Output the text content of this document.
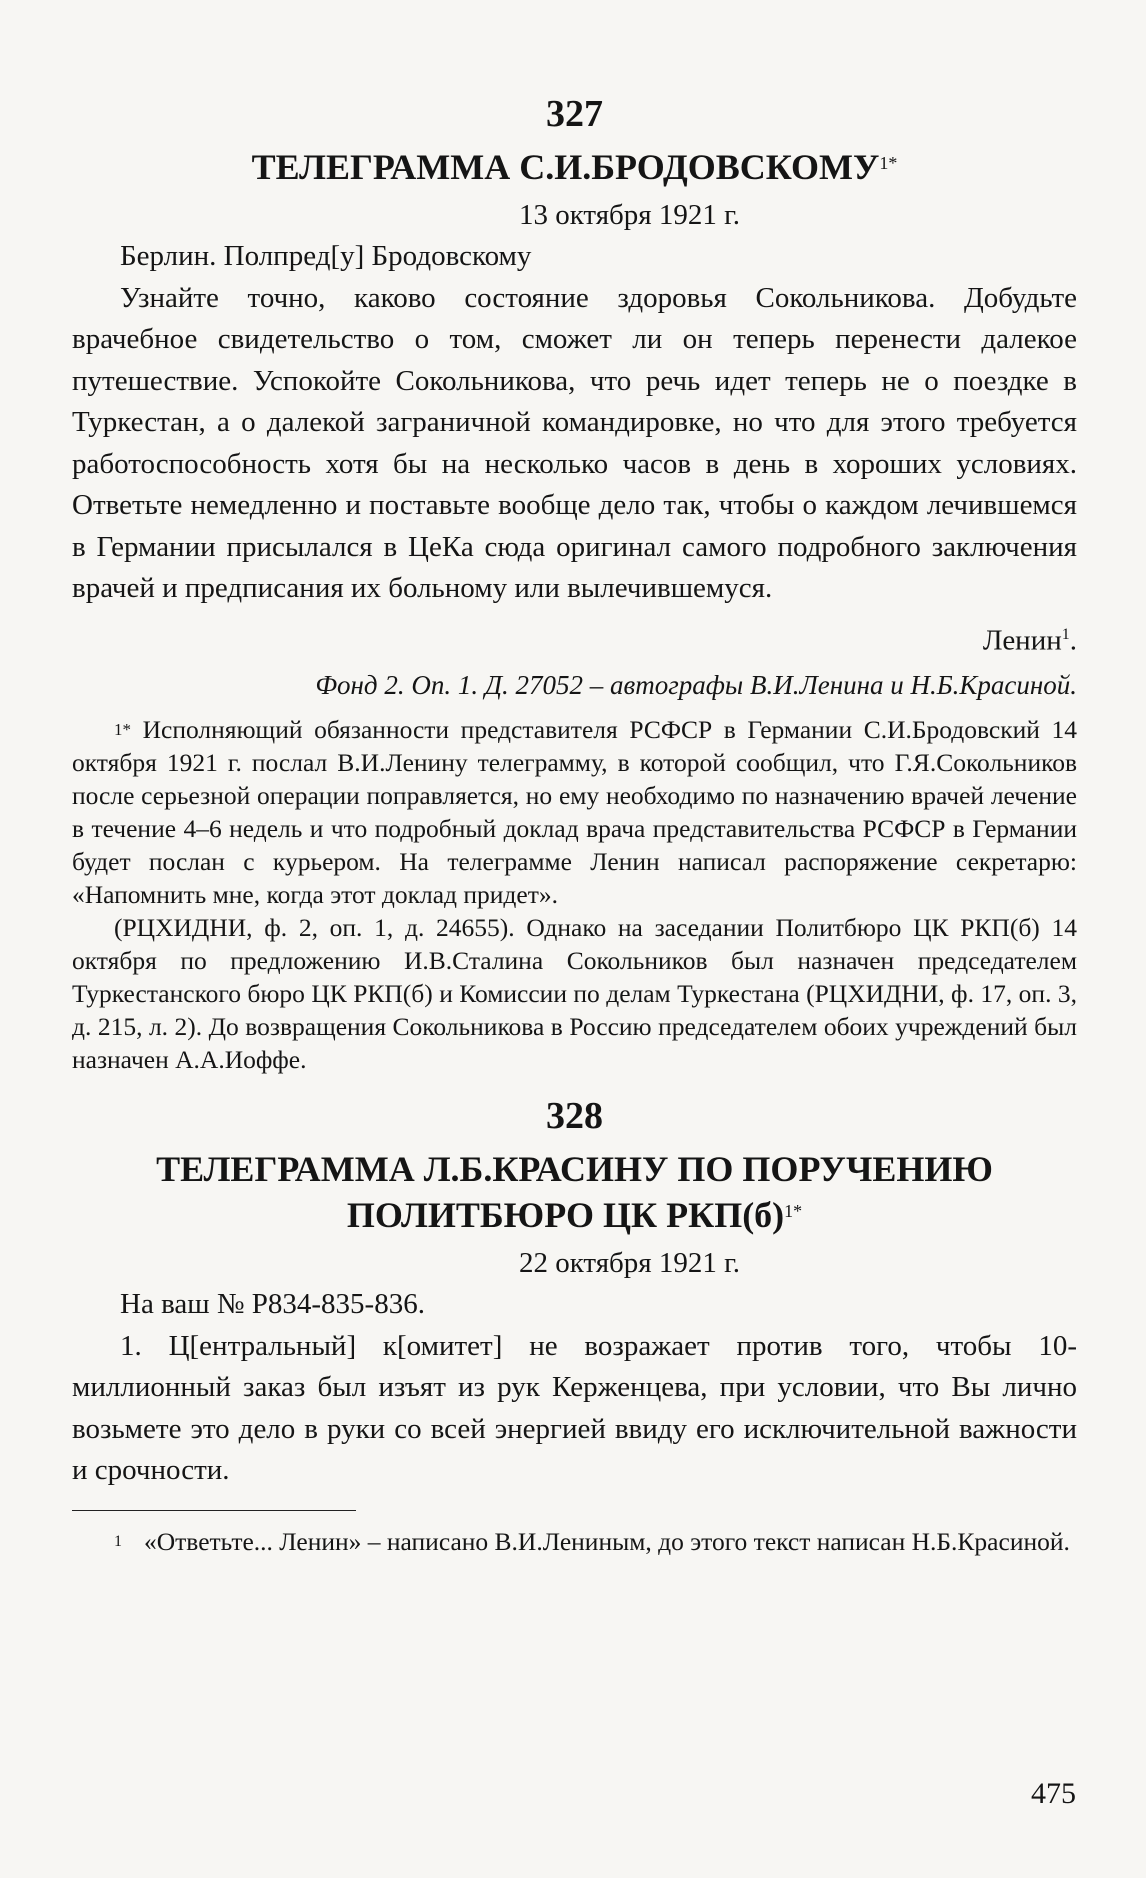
327
ТЕЛЕГРАММА $С.И.БРОДОВСКОМУ^{1*}$

13 октября 1921 г.

Берлин. Полпред[у] Бродовскому

Узнайте точно, каково состояние здоровья Сокольникова. Добудьте врачебное свидетельство о том, сможет ли он теперь перенести далекое путешествие. Успокойте Сокольникова, что речь идет теперь не о поездке в Туркестан, а о далекой заграничной командировке, но что для этого требуется работоспособность хотя бы на несколько часов в день в хороших условиях. Ответьте немедленно и поставьте вообще дело так, чтобы о каждом лечившемся в Германии присылался в ЦеКа сюда оригинал самого подробного заключения врачей и предписания их больному или вылечившемуся.

Ленин$^1$.

Фонд 2. Оп. 1. Д. 27052 – автографы В.И.Ленина и Н.Б.Красиной.

$^{1*}$ Исполняющий обязанности представителя РСФСР в Германии С.И.Бродовский 14 октября 1921 г. послал В.И.Ленину телеграмму, в которой сообщил, что Г.Я.Сокольников после серьезной операции поправляется, но ему необходимо по назначению врачей лечение в течение 4–6 недель и что подробный доклад врача представительства РСФСР в Германии будет послан с курьером. На телеграмме Ленин написал распоряжение секретарю: «Напомнить мне, когда этот доклад придет».

(РЦХИДНИ, ф. 2, оп. 1, д. 24655). Однако на заседании Политбюро ЦК РКП(б) 14 октября по предложению И.В.Сталина Сокольников был назначен председателем Туркестанского бюро ЦК РКП(б) и Комиссии по делам Туркестана (РЦХИДНИ, ф. 17, оп. 3, д. 215, л. 2). До возвращения Сокольникова в Россию председателем обоих учреждений был назначен А.А.Иоффе.

328
ТЕЛЕГРАММА Л.Б.КРАСИНУ ПО ПОРУЧЕНИЮ
ПОЛИТБЮРО ЦК $РКП(б)^{1*}$

22 октября 1921 г.

На ваш № Р834-835-836.

1. Ц[ентральный] к[омитет] не возражает против того, чтобы 10-миллионный заказ был изъят из рук Керженцева, при условии, что Вы лично возьмете это дело в руки со всей энергией ввиду его исключительной важности и срочности.

$^1$ «Ответьте... Ленин» – написано В.И.Лениным, до этого текст написан Н.Б.Красиной.

475
